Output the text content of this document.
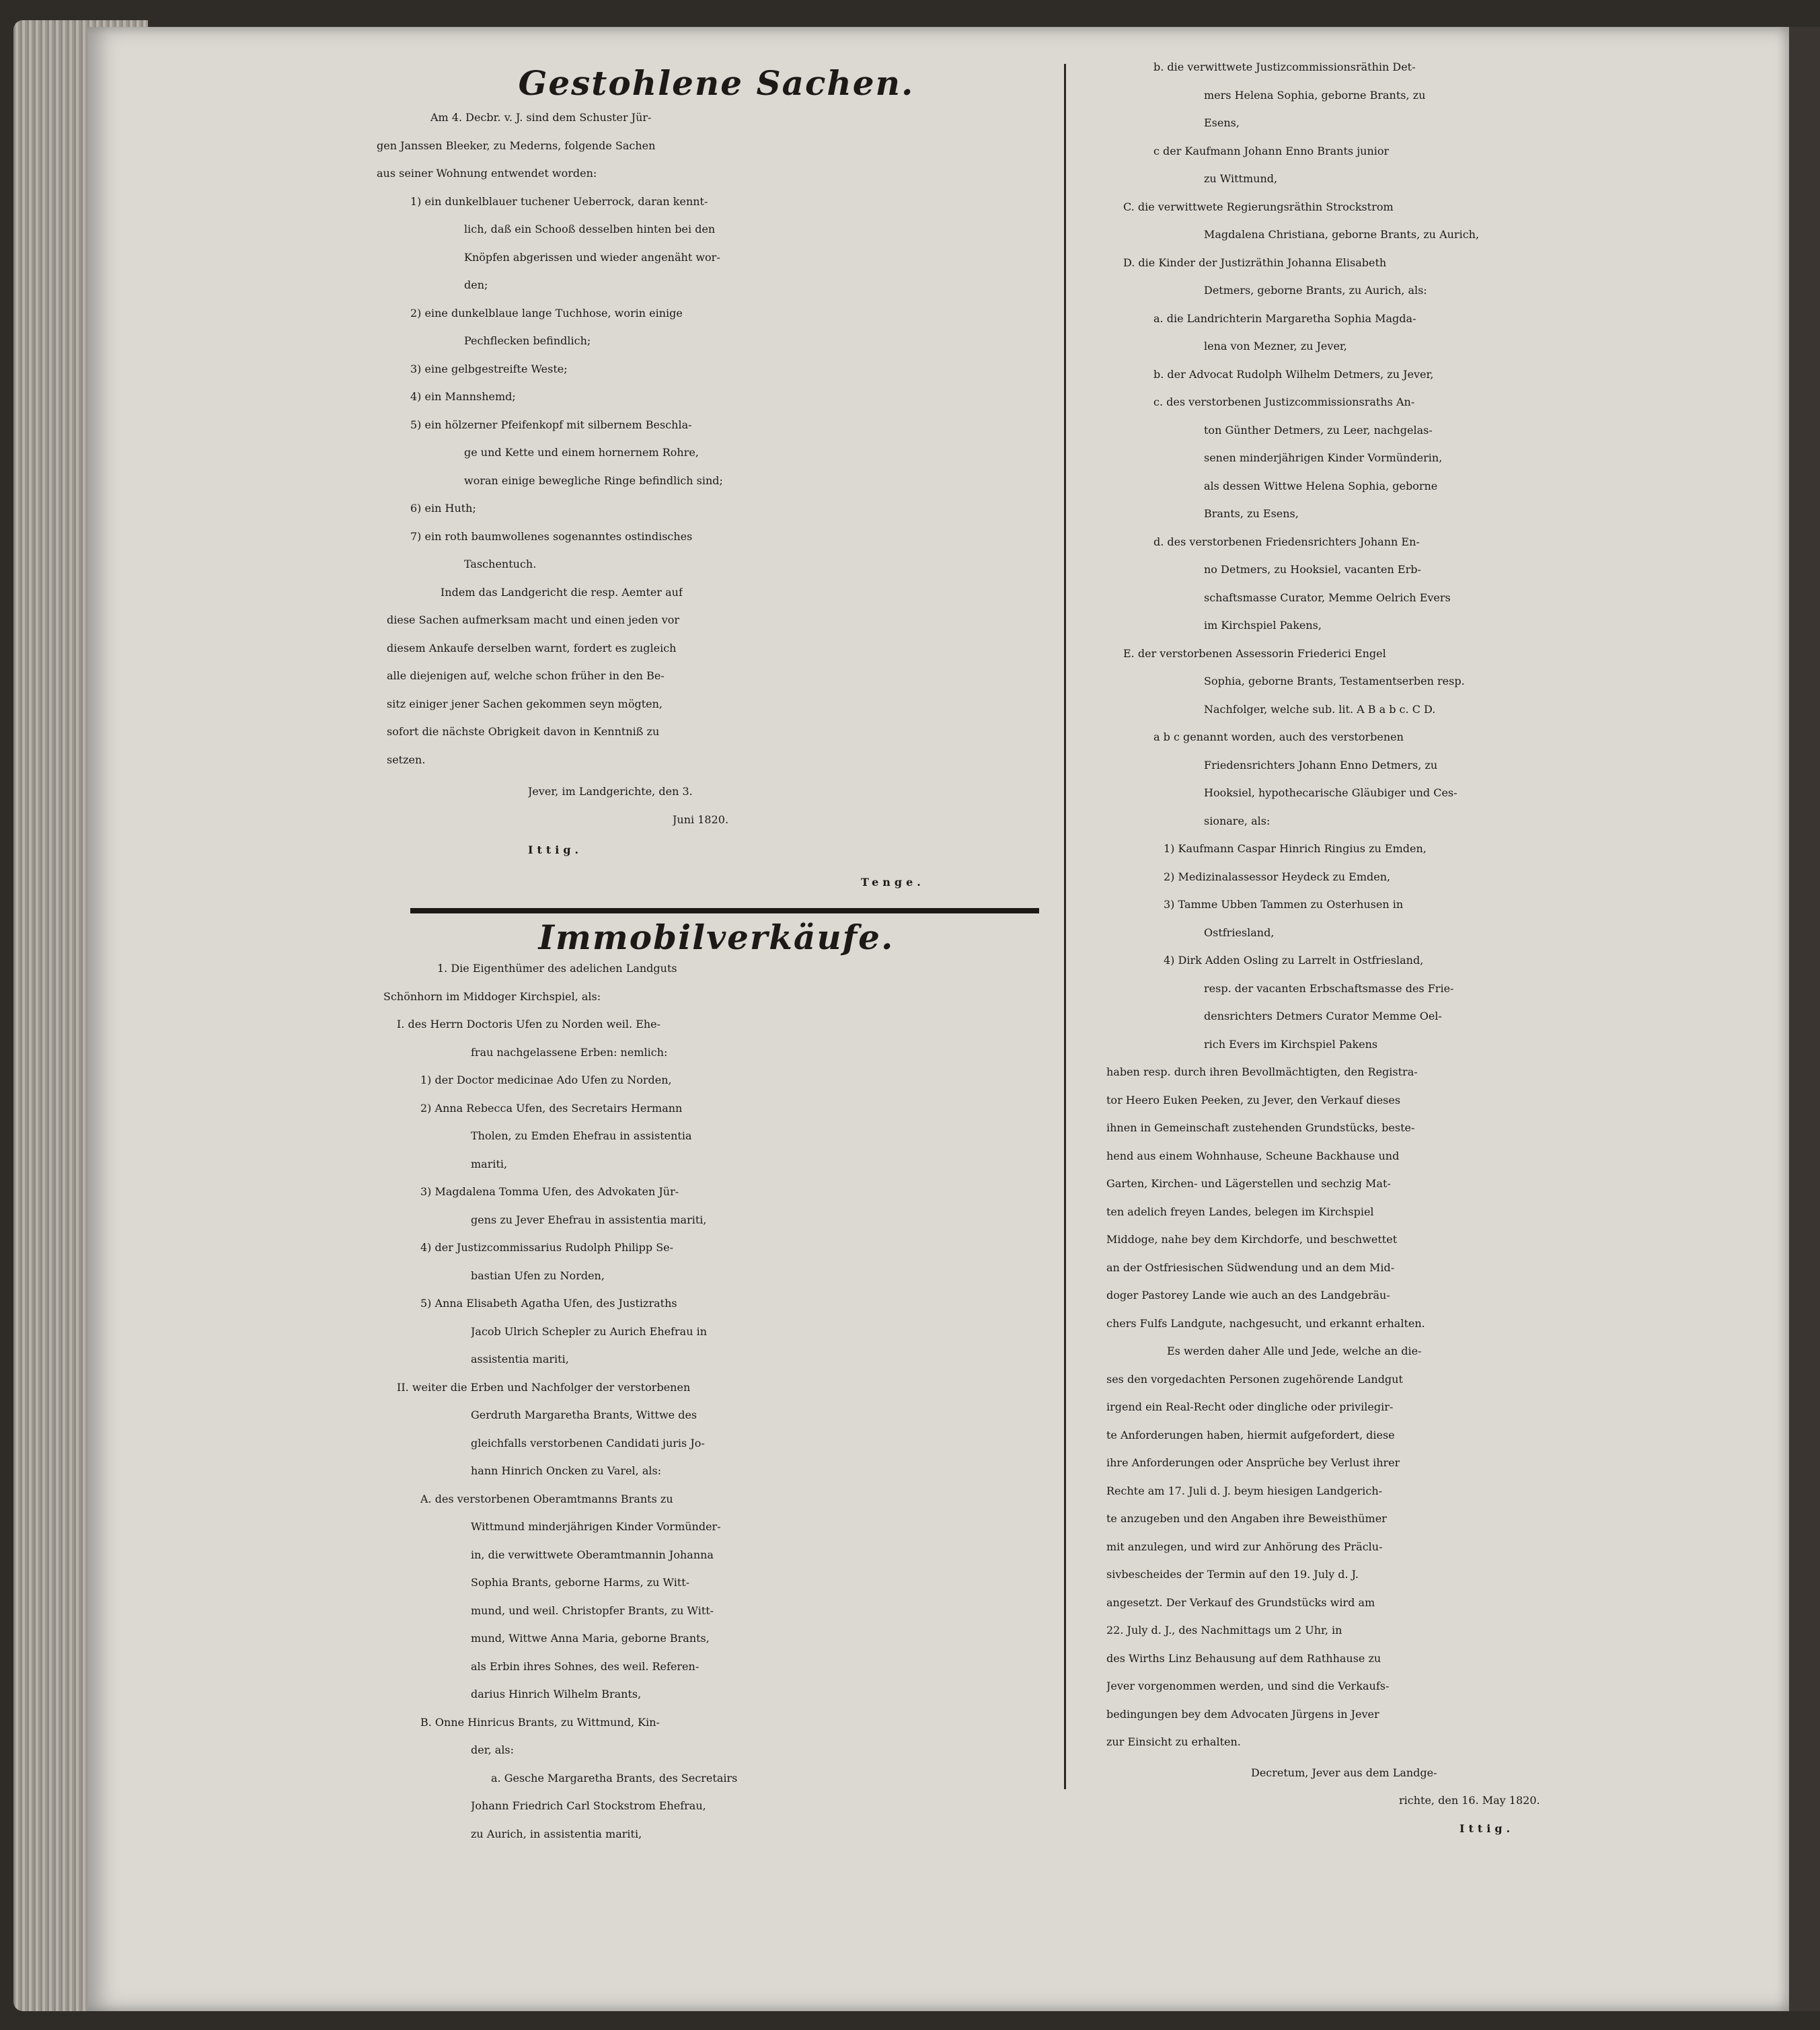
Gestohlene Sachen.
Am 4. Decbr. v. J. sind dem Schuster Jür-
gen Janssen Bleeker, zu Mederns, folgende Sachen
aus seiner Wohnung entwendet worden:
1) ein dunkelblauer tuchener Ueberrock, daran kennt-
lich, daß ein Schooß desselben hinten bei den
Knöpfen abgerissen und wieder angenäht wor-
den;
2) eine dunkelblaue lange Tuchhose, worin einige
Pechflecken befindlich;
3) eine gelbgestreifte Weste;
4) ein Mannshemd;
5) ein hölzerner Pfeifenkopf mit silbernem Beschla-
ge und Kette und einem hornernem Rohre,
woran einige bewegliche Ringe befindlich sind;
6) ein Huth;
7) ein roth baumwollenes sogenanntes ostindisches
Taschentuch.
Indem das Landgericht die resp. Aemter auf
diese Sachen aufmerksam macht und einen jeden vor
diesem Ankaufe derselben warnt, fordert es zugleich
alle diejenigen auf, welche schon früher in den Be-
sitz einiger jener Sachen gekommen seyn mögten,
sofort die nächste Obrigkeit davon in Kenntniß zu
setzen.
Jever, im Landgerichte, den 3.
Juni 1820.
Ittig.
Tenge.
Immobilverkäufe.
1. Die Eigenthümer des adelichen Landguts
Schönhorn im Middoger Kirchspiel, als:
I. des Herrn Doctoris Ufen zu Norden weil. Ehe-
frau nachgelassene Erben: nemlich:
1) der Doctor medicinae Ado Ufen zu Norden,
2) Anna Rebecca Ufen, des Secretairs Hermann
Tholen, zu Emden Ehefrau in assistentia
mariti,
3) Magdalena Tomma Ufen, des Advokaten Jür-
gens zu Jever Ehefrau in assistentia mariti,
4) der Justizcommissarius Rudolph Philipp Se-
bastian Ufen zu Norden,
5) Anna Elisabeth Agatha Ufen, des Justizraths
Jacob Ulrich Schepler zu Aurich Ehefrau in
assistentia mariti,
II. weiter die Erben und Nachfolger der verstorbenen
Gerdruth Margaretha Brants, Wittwe des
gleichfalls verstorbenen Candidati juris Jo-
hann Hinrich Oncken zu Varel, als:
A. des verstorbenen Oberamtmanns Brants zu
Wittmund minderjährigen Kinder Vormünder-
in, die verwittwete Oberamtmannin Johanna
Sophia Brants, geborne Harms, zu Witt-
mund, und weil. Christopfer Brants, zu Witt-
mund, Wittwe Anna Maria, geborne Brants,
als Erbin ihres Sohnes, des weil. Referen-
darius Hinrich Wilhelm Brants,
B. Onne Hinricus Brants, zu Wittmund, Kin-
der, als:
a. Gesche Margaretha Brants, des Secretairs
Johann Friedrich Carl Stockstrom Ehefrau,
zu Aurich, in assistentia mariti,
b. die verwittwete Justizcommissionsräthin Det-
mers Helena Sophia, geborne Brants, zu
Esens,
c der Kaufmann Johann Enno Brants junior
zu Wittmund,
C. die verwittwete Regierungsräthin Strockstrom
Magdalena Christiana, geborne Brants, zu Aurich,
D. die Kinder der Justizräthin Johanna Elisabeth
Detmers, geborne Brants, zu Aurich, als:
a. die Landrichterin Margaretha Sophia Magda-
lena von Mezner, zu Jever,
b. der Advocat Rudolph Wilhelm Detmers, zu Jever,
c. des verstorbenen Justizcommissionsraths An-
ton Günther Detmers, zu Leer, nachgelas-
senen minderjährigen Kinder Vormünderin,
als dessen Wittwe Helena Sophia, geborne
Brants, zu Esens,
d. des verstorbenen Friedensrichters Johann En-
no Detmers, zu Hooksiel, vacanten Erb-
schaftsmasse Curator, Memme Oelrich Evers
im Kirchspiel Pakens,
E. der verstorbenen Assessorin Friederici Engel
Sophia, geborne Brants, Testamentserben resp.
Nachfolger, welche sub. lit. A B a b c. C D.
a b c genannt worden, auch des verstorbenen
Friedensrichters Johann Enno Detmers, zu
Hooksiel, hypothecarische Gläubiger und Ces-
sionare, als:
1) Kaufmann Caspar Hinrich Ringius zu Emden,
2) Medizinalassessor Heydeck zu Emden,
3) Tamme Ubben Tammen zu Osterhusen in
Ostfriesland,
4) Dirk Adden Osling zu Larrelt in Ostfriesland,
resp. der vacanten Erbschaftsmasse des Frie-
densrichters Detmers Curator Memme Oel-
rich Evers im Kirchspiel Pakens
haben resp. durch ihren Bevollmächtigten, den Registra-
tor Heero Euken Peeken, zu Jever, den Verkauf dieses
ihnen in Gemeinschaft zustehenden Grundstücks, beste-
hend aus einem Wohnhause, Scheune Backhause und
Garten, Kirchen- und Lägerstellen und sechzig Mat-
ten adelich freyen Landes, belegen im Kirchspiel
Middoge, nahe bey dem Kirchdorfe, und beschwettet
an der Ostfriesischen Südwendung und an dem Mid-
doger Pastorey Lande wie auch an des Landgebräu-
chers Fulfs Landgute, nachgesucht, und erkannt erhalten.
Es werden daher Alle und Jede, welche an die-
ses den vorgedachten Personen zugehörende Landgut
irgend ein Real-Recht oder dingliche oder privilegir-
te Anforderungen haben, hiermit aufgefordert, diese
ihre Anforderungen oder Ansprüche bey Verlust ihrer
Rechte am 17. Juli d. J. beym hiesigen Landgerich-
te anzugeben und den Angaben ihre Beweisthümer
mit anzulegen, und wird zur Anhörung des Präclu-
sivbescheides der Termin auf den 19. July d. J.
angesetzt. Der Verkauf des Grundstücks wird am
22. July d. J., des Nachmittags um 2 Uhr, in
des Wirths Linz Behausung auf dem Rathhause zu
Jever vorgenommen werden, und sind die Verkaufs-
bedingungen bey dem Advocaten Jürgens in Jever
zur Einsicht zu erhalten.
Decretum, Jever aus dem Landge-
richte, den 16. May 1820.
Ittig.
